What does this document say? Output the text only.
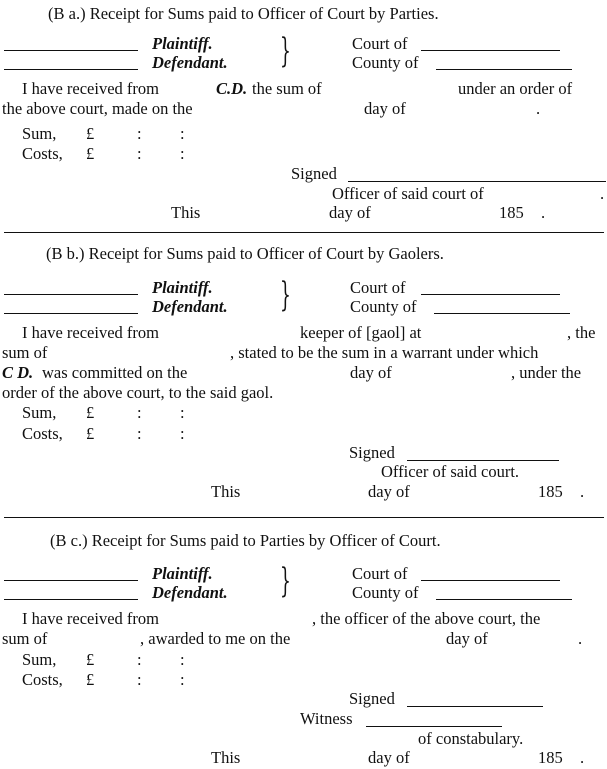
(B a.) Receipt for Sums paid to Officer of Court by Parties.
Plaintiff.
Defendant. }	Court of
County of
I have received from	C.D. the sum of	under an order of
the above court, made on the	day of	.
Sum, £	: :
Costs, £	: :
Signed
Officer of said court of	.
This	day of	185 .
(B b.) Receipt for Sums paid to Officer of Court by Gaolers.
Plaintiff.
Defendant. }	Court of
County of
I have received from	keeper of [gaol] at	, the
sum of	, stated to be the sum in a warrant under which
C D. was committed on the	day of	, under the
order of the above court, to the said gaol.
Sum, £	: :
Costs, £	: :
Signed
Officer of said court.
This	day of	185 .
(B c.) Receipt for Sums paid to Parties by Officer of Court.
Plaintiff.
Defendant. }	Court of
County of
I have received from	, the officer of the above court, the
sum of	, awarded to me on the	day of	.
Sum, £	: :
Costs, £	: :
Signed
Witness
of constabulary.
This	day of	185 .
